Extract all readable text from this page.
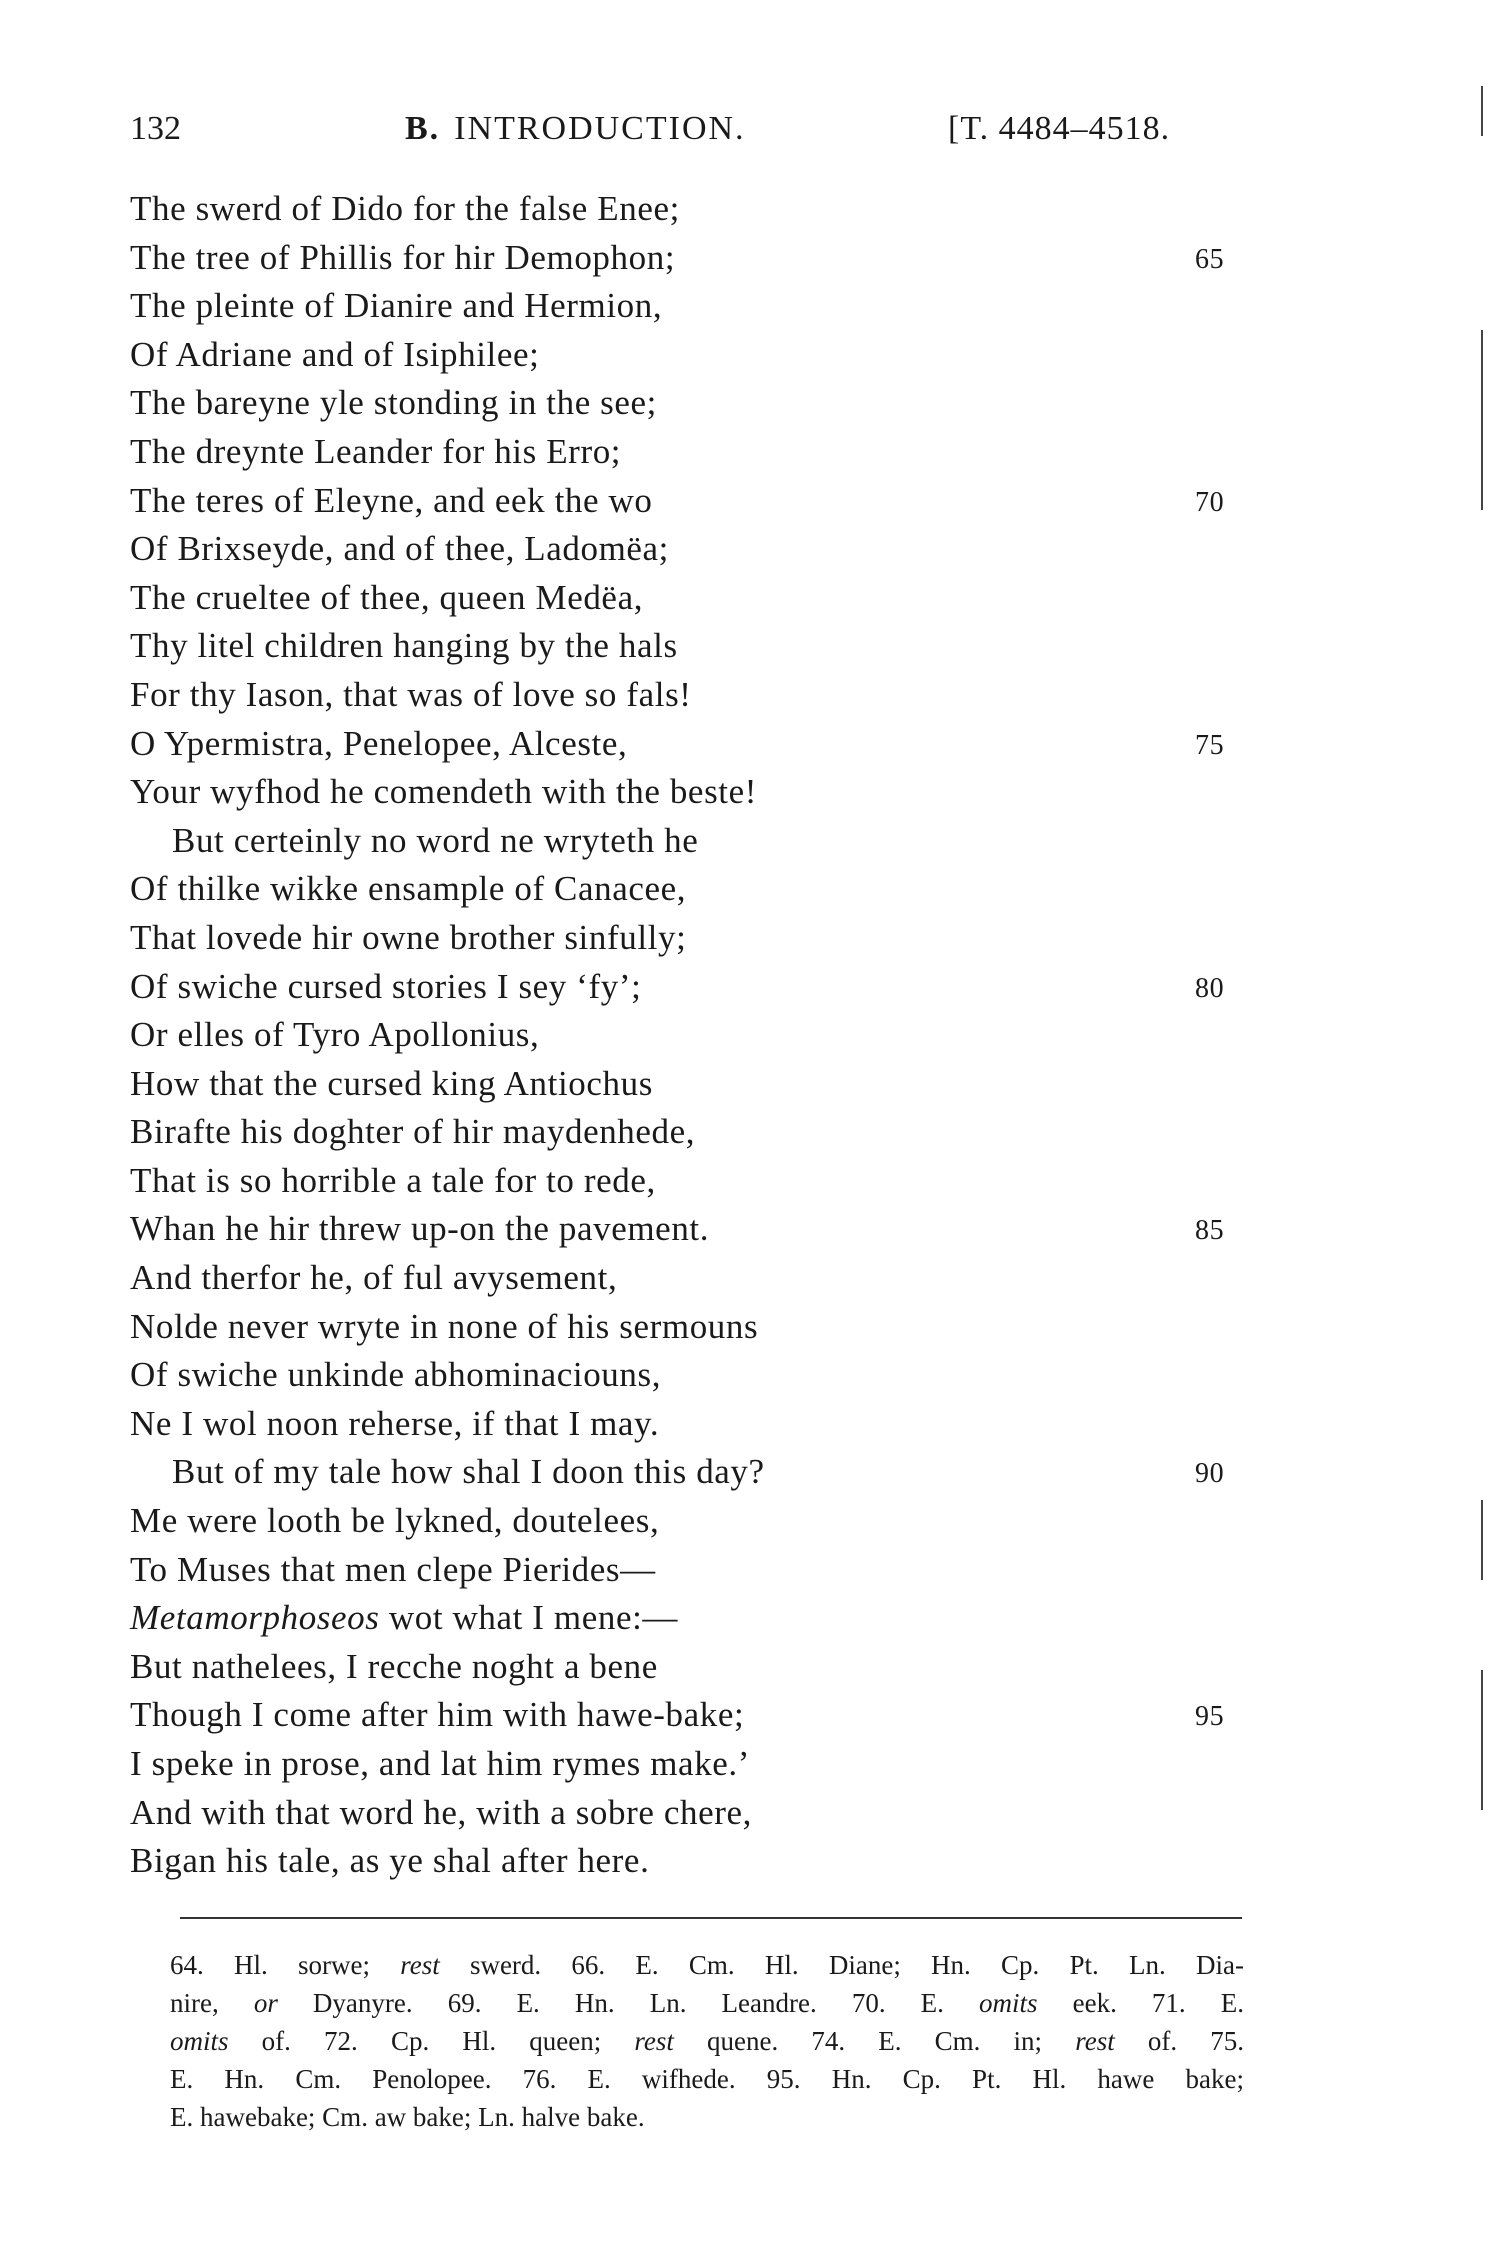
132	B. INTRODUCTION.	[T. 4484–4518.
The swerd of Dido for the false Enee;
The tree of Phillis for hir Demophon;	65
The pleinte of Dianire and Hermion,
Of Adriane and of Isiphilee;
The bareyne yle stonding in the see;
The dreynte Leander for his Erro;
The teres of Eleyne, and eek the wo	70
Of Brixseyde, and of thee, Ladomëa;
The crueltee of thee, queen Medëa,
Thy litel children hanging by the hals
For thy Iason, that was of love so fals!
O Ypermistra, Penelopee, Alceste,	75
Your wyfhod he comendeth with the beste!
But certeinly no word ne wryteth he
Of thilke wikke ensample of Canacee,
That lovede hir owne brother sinfully;
Of swiche cursed stories I sey ‘fy’;	80
Or elles of Tyro Apollonius,
How that the cursed king Antiochus
Birafte his doghter of hir maydenhede,
That is so horrible a tale for to rede,
Whan he hir threw up-on the pavement.	85
And therfor he, of ful avysement,
Nolde never wryte in none of his sermouns
Of swiche unkinde abhominaciouns,
Ne I wol noon reherse, if that I may.
But of my tale how shal I doon this day?	90
Me were looth be lykned, doutelees,
To Muses that men clepe Pierides—
Metamorphoseos wot what I mene:—
But nathelees, I recche noght a bene
Though I come after him with hawe-bake;	95
I speke in prose, and lat him rymes make.’
And with that word he, with a sobre chere,
Bigan his tale, as ye shal after here.
64. Hl. sorwe; rest swerd. 66. E. Cm. Hl. Diane; Hn. Cp. Pt. Ln. Dia-
nire, or Dyanyre. 69. E. Hn. Ln. Leandre. 70. E. omits eek. 71. E.
omits of. 72. Cp. Hl. queen; rest quene. 74. E. Cm. in; rest of. 75.
E. Hn. Cm. Penolopee. 76. E. wifhede. 95. Hn. Cp. Pt. Hl. hawe bake;
E. hawebake; Cm. aw bake; Ln. halve bake.
